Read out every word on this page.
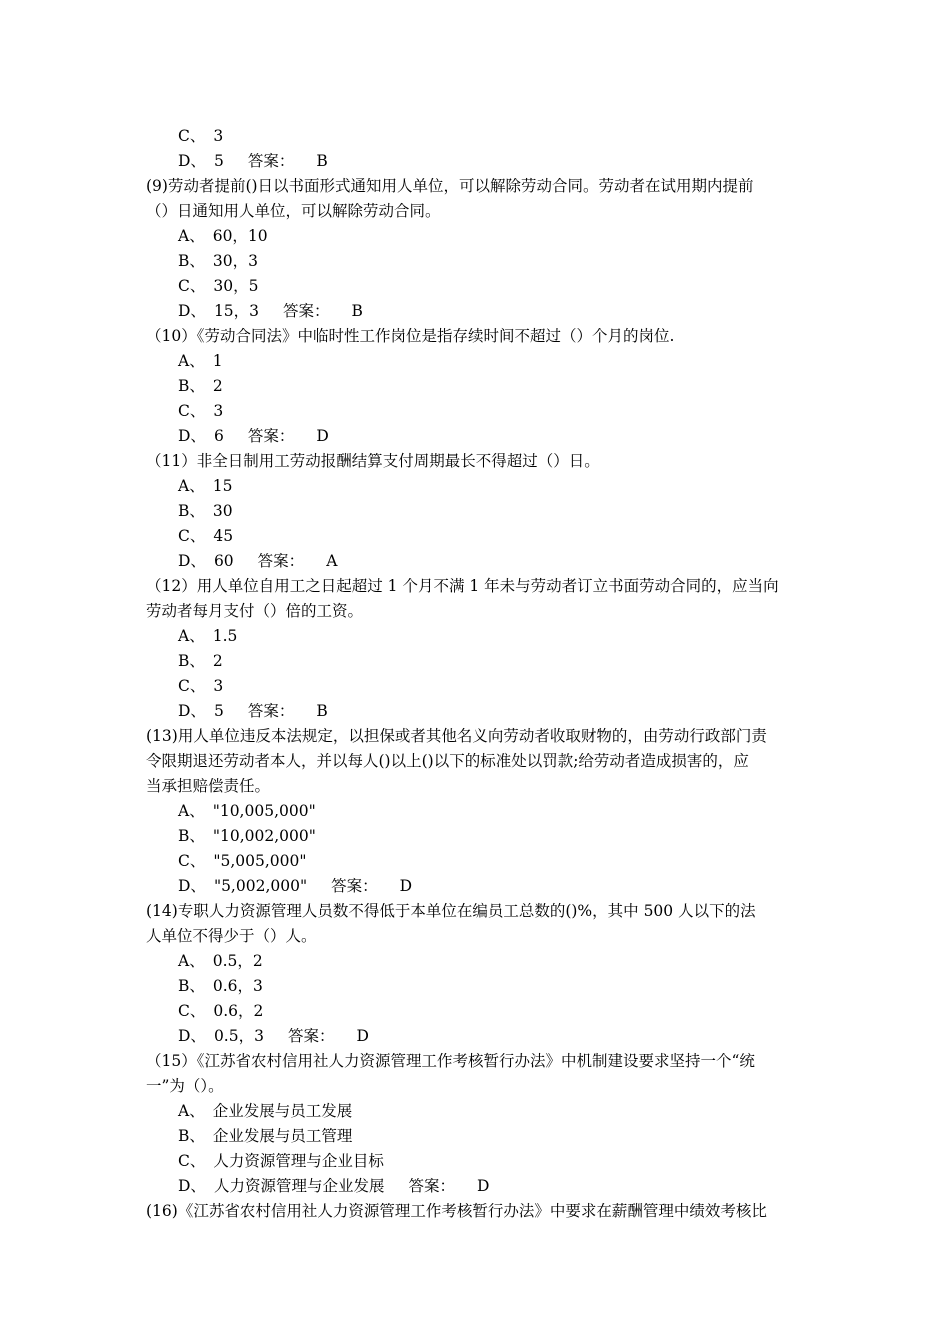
C、 3
D、 5 答案： B
(9)劳动者提前()日以书面形式通知用人单位，可以解除劳动合同。劳动者在试用期内提前
（）日通知用人单位，可以解除劳动合同。
A、 60，10
B、 30，3
C、 30，5
D、 15，3 答案： B
（10）《劳动合同法》中临时性工作岗位是指存续时间不超过（）个月的岗位.
A、 1
B、 2
C、 3
D、 6 答案： D
（11）非全日制用工劳动报酬结算支付周期最长不得超过（）日。
A、 15
B、 30
C、 45
D、 60 答案： A
（12）用人单位自用工之日起超过 1 个月不满 1 年未与劳动者订立书面劳动合同的，应当向
劳动者每月支付（）倍的工资。
A、 1.5
B、 2
C、 3
D、 5 答案： B
(13)用人单位违反本法规定，以担保或者其他名义向劳动者收取财物的，由劳动行政部门责
令限期退还劳动者本人，并以每人()以上()以下的标准处以罚款;给劳动者造成损害的，应
当承担赔偿责任。
A、 "10,005,000"
B、 "10,002,000"
C、 "5,005,000"
D、 "5,002,000" 答案： D
(14)专职人力资源管理人员数不得低于本单位在编员工总数的()%，其中 500 人以下的法
人单位不得少于（）人。
A、 0.5，2
B、 0.6，3
C、 0.6，2
D、 0.5，3 答案： D
（15）《江苏省农村信用社人力资源管理工作考核暂行办法》中机制建设要求坚持一个“统
一”为（）。
A、 企业发展与员工发展
B、 企业发展与员工管理
C、 人力资源管理与企业目标
D、 人力资源管理与企业发展 答案： D
(16)《江苏省农村信用社人力资源管理工作考核暂行办法》中要求在薪酬管理中绩效考核比
